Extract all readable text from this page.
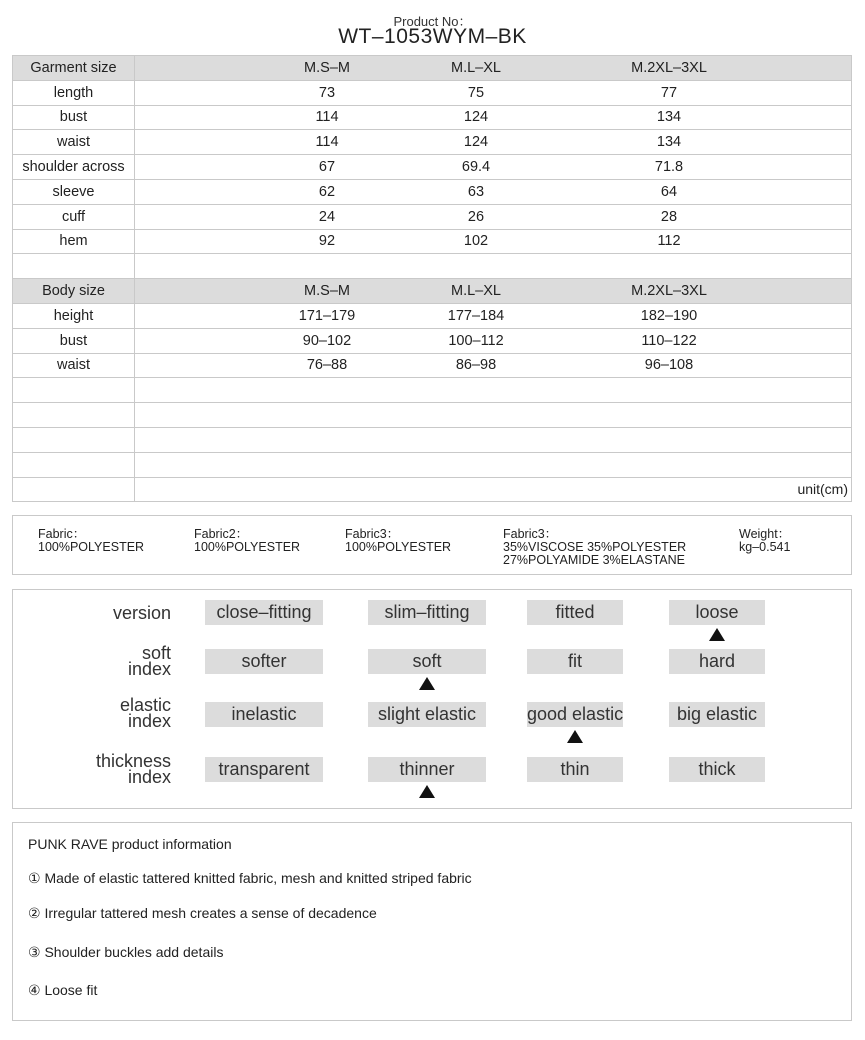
Product No：
WT‒1053WYM‒BK
Garment size	M.S‒M M.L‒XL M.2XL‒3XL

length	73 75 77

bust	114 124 134

waist	114 124 134

shoulder across	67 69.4 71.8

sleeve	62 63 64

cuff	24 26 28

hem	92 102 112

Body size	M.S‒M M.L‒XL M.2XL‒3XL

height	171‒179 177‒184 182‒190

bust	90‒102 100‒112 110‒122

waist	76‒88 86‒98 96‒108

	unit(cm)
Fabric：
100%POLYESTER
Fabric2：
100%POLYESTER
Fabric3：
100%POLYESTER
Fabric3：
35%VISCOSE 35%POLYESTER
27%POLYAMIDE 3%ELASTANE
Weight：
kg‒0.541
version	close‒fitting	slim‒fitting	fitted	loose
soft
index	softer	soft	fit	hard
elastic
index	inelastic	slight elastic	good elastic	big elastic
thickness
index	transparent	thinner	thin	thick
PUNK RAVE product information
① Made of elastic tattered knitted fabric, mesh and knitted striped fabric
② Irregular tattered mesh creates a sense of decadence
③ Shoulder buckles add details
④ Loose fit
